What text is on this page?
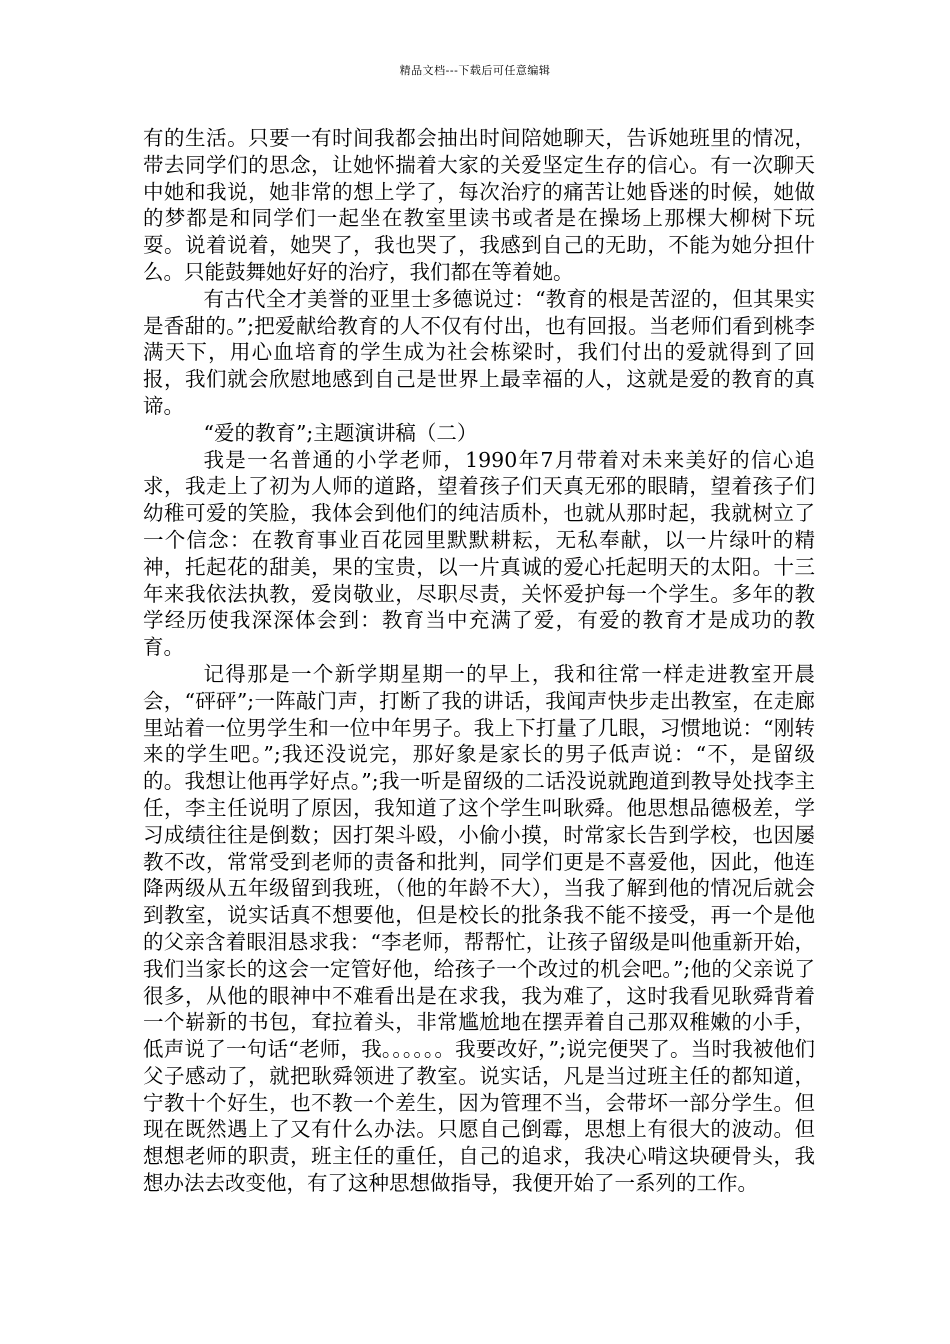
精品文档---下载后可任意编辑

有的生活。只要一有时间我都会抽出时间陪她聊天，告诉她班里的情况，带去同学们的思念，让她怀揣着大家的关爱坚定生存的信心。有一次聊天中她和我说，她非常的想上学了，每次治疗的痛苦让她昏迷的时候，她做的梦都是和同学们一起坐在教室里读书或者是在操场上那棵大柳树下玩耍。说着说着，她哭了，我也哭了，我感到自己的无助，不能为她分担什么。只能鼓舞她好好的治疗，我们都在等着她。

有古代全才美誉的亚里士多德说过：“教育的根是苦涩的，但其果实是香甜的。”;把爱献给教育的人不仅有付出，也有回报。当老师们看到桃李满天下，用心血培育的学生成为社会栋梁时，我们付出的爱就得到了回报，我们就会欣慰地感到自己是世界上最幸福的人，这就是爱的教育的真谛。

“爱的教育”;主题演讲稿（二）

我是一名普通的小学老师，1990年7月带着对未来美好的信心追求，我走上了初为人师的道路，望着孩子们天真无邪的眼睛，望着孩子们幼稚可爱的笑脸，我体会到他们的纯洁质朴，也就从那时起，我就树立了一个信念：在教育事业百花园里默默耕耘，无私奉献，以一片绿叶的精神，托起花的甜美，果的宝贵，以一片真诚的爱心托起明天的太阳。十三年来我依法执教，爱岗敬业，尽职尽责，关怀爱护每一个学生。多年的教学经历使我深深体会到：教育当中充满了爱，有爱的教育才是成功的教育。

记得那是一个新学期星期一的早上，我和往常一样走进教室开晨会，“砰砰”;一阵敲门声，打断了我的讲话，我闻声快步走出教室，在走廊里站着一位男学生和一位中年男子。我上下打量了几眼，习惯地说：“刚转来的学生吧。”;我还没说完，那好象是家长的男子低声说：“不，是留级的。我想让他再学好点。”;我一听是留级的二话没说就跑道到教导处找李主任，李主任说明了原因，我知道了这个学生叫耿舜。他思想品德极差，学习成绩往往是倒数；因打架斗殴，小偷小摸，时常家长告到学校，也因屡教不改，常常受到老师的责备和批判，同学们更是不喜爱他，因此，他连降两级从五年级留到我班，（他的年龄不大），当我了解到他的情况后就会到教室，说实话真不想要他，但是校长的批条我不能不接受，再一个是他的父亲含着眼泪恳求我：“李老师，帮帮忙，让孩子留级是叫他重新开始，我们当家长的这会一定管好他，给孩子一个改过的机会吧。”;他的父亲说了很多，从他的眼神中不难看出是在求我，我为难了，这时我看见耿舜背着一个崭新的书包，耷拉着头，非常尴尬地在摆弄着自己那双稚嫩的小手，低声说了一句话“老师，我。。。。。。我要改好，”;说完便哭了。当时我被他们父子感动了，就把耿舜领进了教室。说实话，凡是当过班主任的都知道，宁教十个好生，也不教一个差生，因为管理不当，会带坏一部分学生。但现在既然遇上了又有什么办法。只愿自己倒霉，思想上有很大的波动。但想想老师的职责，班主任的重任，自己的追求，我决心啃这块硬骨头，我想办法去改变他，有了这种思想做指导，我便开始了一系列的工作。
